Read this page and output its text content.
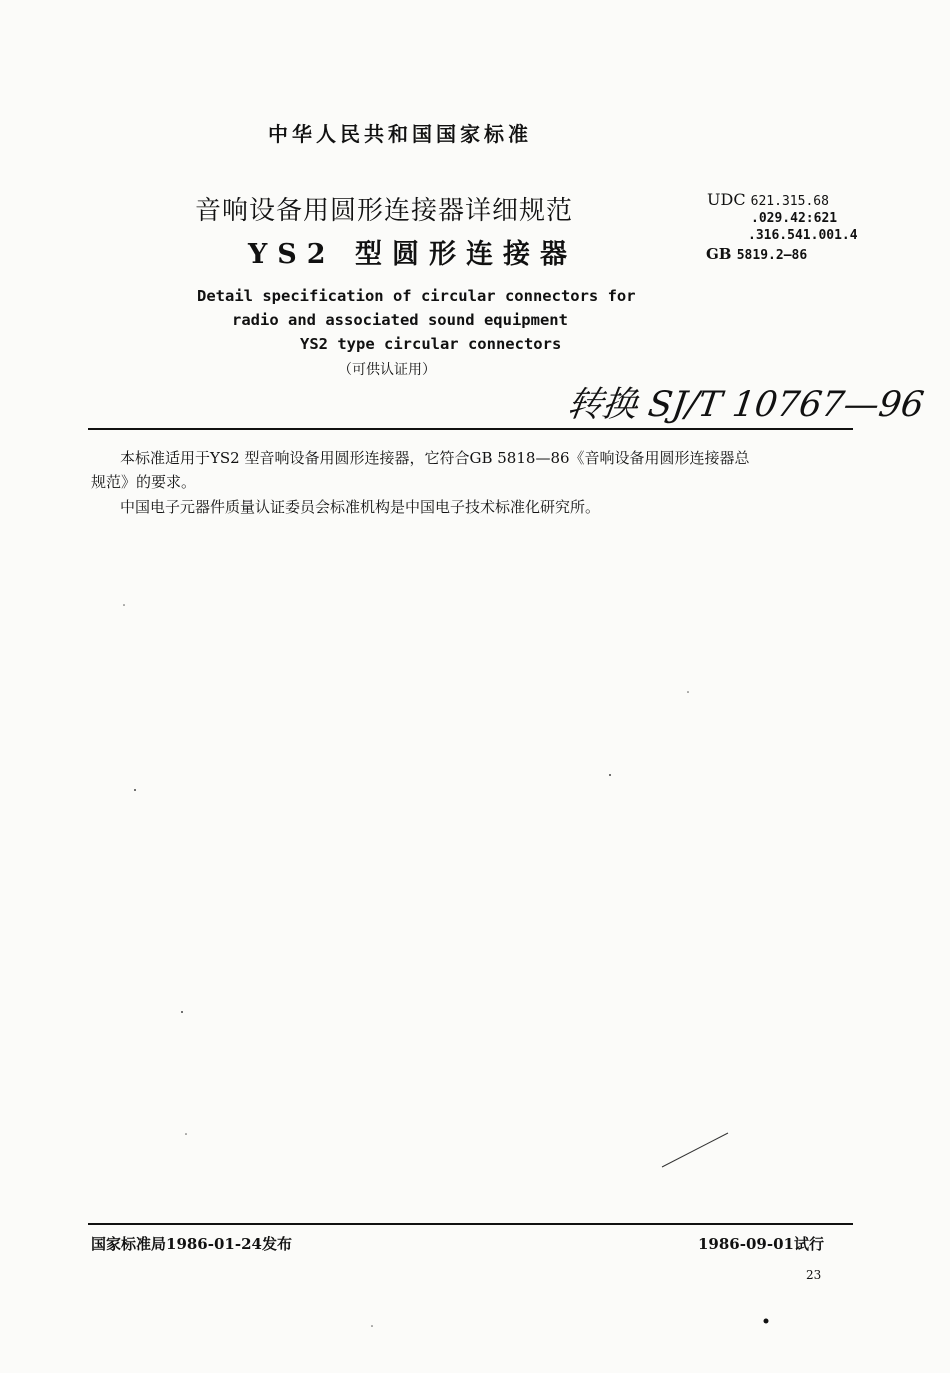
中华人民共和国国家标准
音响设备用圆形连接器详细规范
YS2 型圆形连接器
UDC 621.315.68
.029.42:621
.316.541.001.4
GB 5819.2—86
Detail specification of circular connectors for
radio and associated sound equipment
YS2 type circular connectors
（可供认证用）
转换 SJ/T 10767—96
本标准适用于YS2 型音响设备用圆形连接器，它符合GB 5818—86《音响设备用圆形连接器总
规范》的要求。
中国电子元器件质量认证委员会标准机构是中国电子技术标准化研究所。
国家标准局1986-01-24发布	1986-09-01试行
23
